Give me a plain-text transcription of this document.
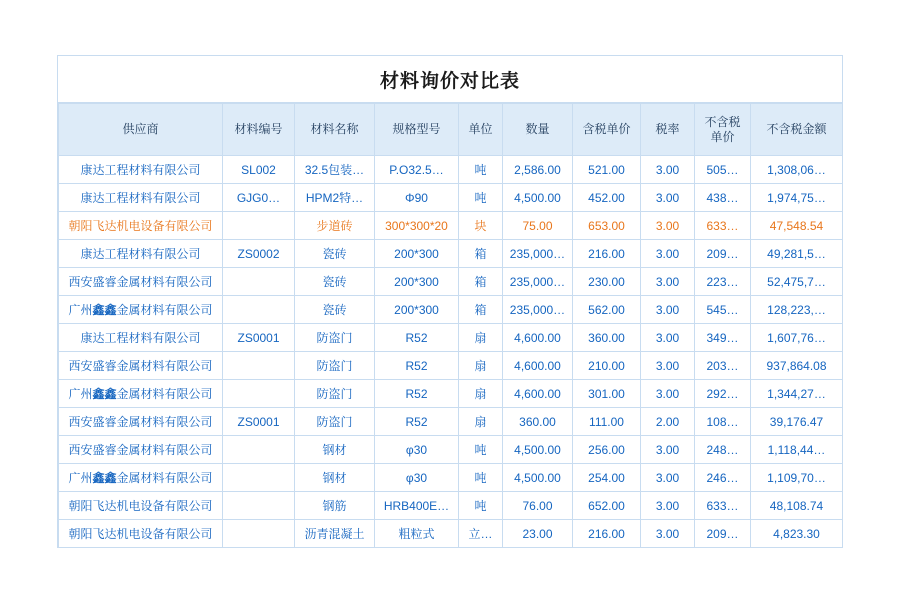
材料询价对比表
供应商	材料编号	材料名称	规格型号	单位	数量	含税单价	税率	不含税单价	不含税金额
康达工程材料有限公司	SL002	32.5包装…	P.O32.5…	吨	2,586.00	521.00	3.00	505…	1,308,06…
康达工程材料有限公司	GJG0…	HPM2特…	Φ90	吨	4,500.00	452.00	3.00	438…	1,974,75…
朝阳飞达机电设备有限公司		步道砖	300*300*20	块	75.00	653.00	3.00	633…	47,548.54
康达工程材料有限公司	ZS0002	瓷砖	200*300	箱	235,000…	216.00	3.00	209…	49,281,5…
西安盛睿金属材料有限公司		瓷砖	200*300	箱	235,000…	230.00	3.00	223…	52,475,7…
广州鑫鑫金属材料有限公司		瓷砖	200*300	箱	235,000…	562.00	3.00	545…	128,223,…
康达工程材料有限公司	ZS0001	防盗门	R52	扇	4,600.00	360.00	3.00	349…	1,607,76…
西安盛睿金属材料有限公司		防盗门	R52	扇	4,600.00	210.00	3.00	203…	937,864.08
广州鑫鑫金属材料有限公司		防盗门	R52	扇	4,600.00	301.00	3.00	292…	1,344,27…
西安盛睿金属材料有限公司	ZS0001	防盗门	R52	扇	360.00	111.00	2.00	108…	39,176.47
西安盛睿金属材料有限公司		钢材	φ30	吨	4,500.00	256.00	3.00	248…	1,118,44…
广州鑫鑫金属材料有限公司		钢材	φ30	吨	4,500.00	254.00	3.00	246…	1,109,70…
朝阳飞达机电设备有限公司		钢筋	HRB400E…	吨	76.00	652.00	3.00	633…	48,108.74
朝阳飞达机电设备有限公司		沥青混凝土	粗粒式	立…	23.00	216.00	3.00	209…	4,823.30
